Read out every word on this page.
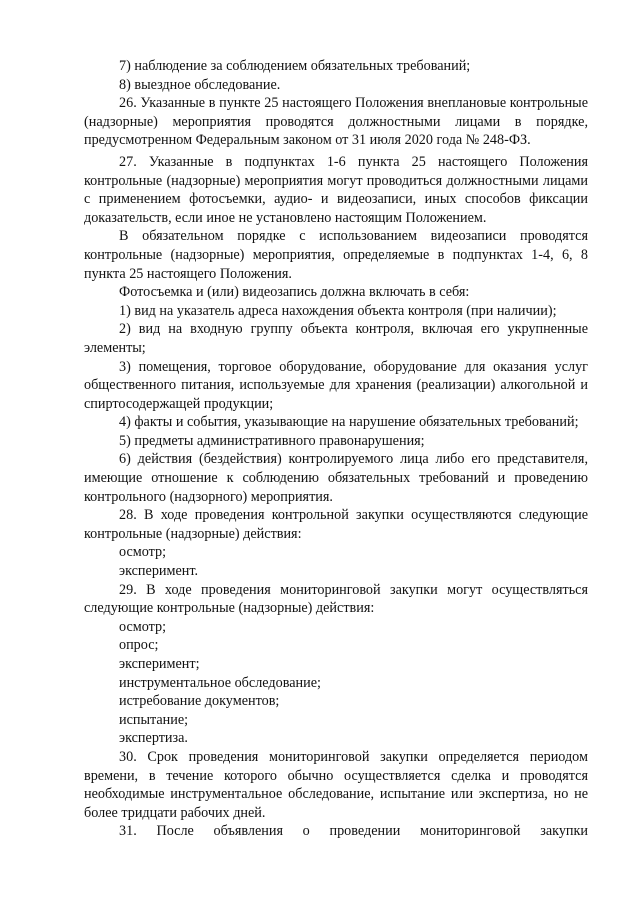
7) наблюдение за соблюдением обязательных требований;

8) выездное обследование.

26. Указанные в пункте 25 настоящего Положения внеплановые контрольные (надзорные) мероприятия проводятся должностными лицами в порядке, предусмотренном Федеральным законом от 31 июля 2020 года № 248-ФЗ.

27. Указанные в подпунктах 1-6 пункта 25 настоящего Положения контрольные (надзорные) мероприятия могут проводиться должностными лицами с применением фотосъемки, аудио- и видеозаписи, иных способов фиксации доказательств, если иное не установлено настоящим Положением.

В обязательном порядке с использованием видеозаписи проводятся контрольные (надзорные) мероприятия, определяемые в подпунктах 1-4, 6, 8 пункта 25 настоящего Положения.

Фотосъемка и (или) видеозапись должна включать в себя:

1) вид на указатель адреса нахождения объекта контроля (при наличии);

2) вид на входную группу объекта контроля, включая его укрупненные элементы;

3) помещения, торговое оборудование, оборудование для оказания услуг общественного питания, используемые для хранения (реализации) алкогольной и спиртосодержащей продукции;

4) факты и события, указывающие на нарушение обязательных требований;

5) предметы административного правонарушения;

6) действия (бездействия) контролируемого лица либо его представителя, имеющие отношение к соблюдению обязательных требований и проведению контрольного (надзорного) мероприятия.

28. В ходе проведения контрольной закупки осуществляются следующие контрольные (надзорные) действия:

осмотр;

эксперимент.

29. В ходе проведения мониторинговой закупки могут осуществляться следующие контрольные (надзорные) действия:

осмотр;

опрос;

эксперимент;

инструментальное обследование;

истребование документов;

испытание;

экспертиза.

30. Срок проведения мониторинговой закупки определяется периодом времени, в течение которого обычно осуществляется сделка и проводятся необходимые инструментальное обследование, испытание или экспертиза, но не более тридцати рабочих дней.

31. После объявления о проведении мониторинговой закупки
